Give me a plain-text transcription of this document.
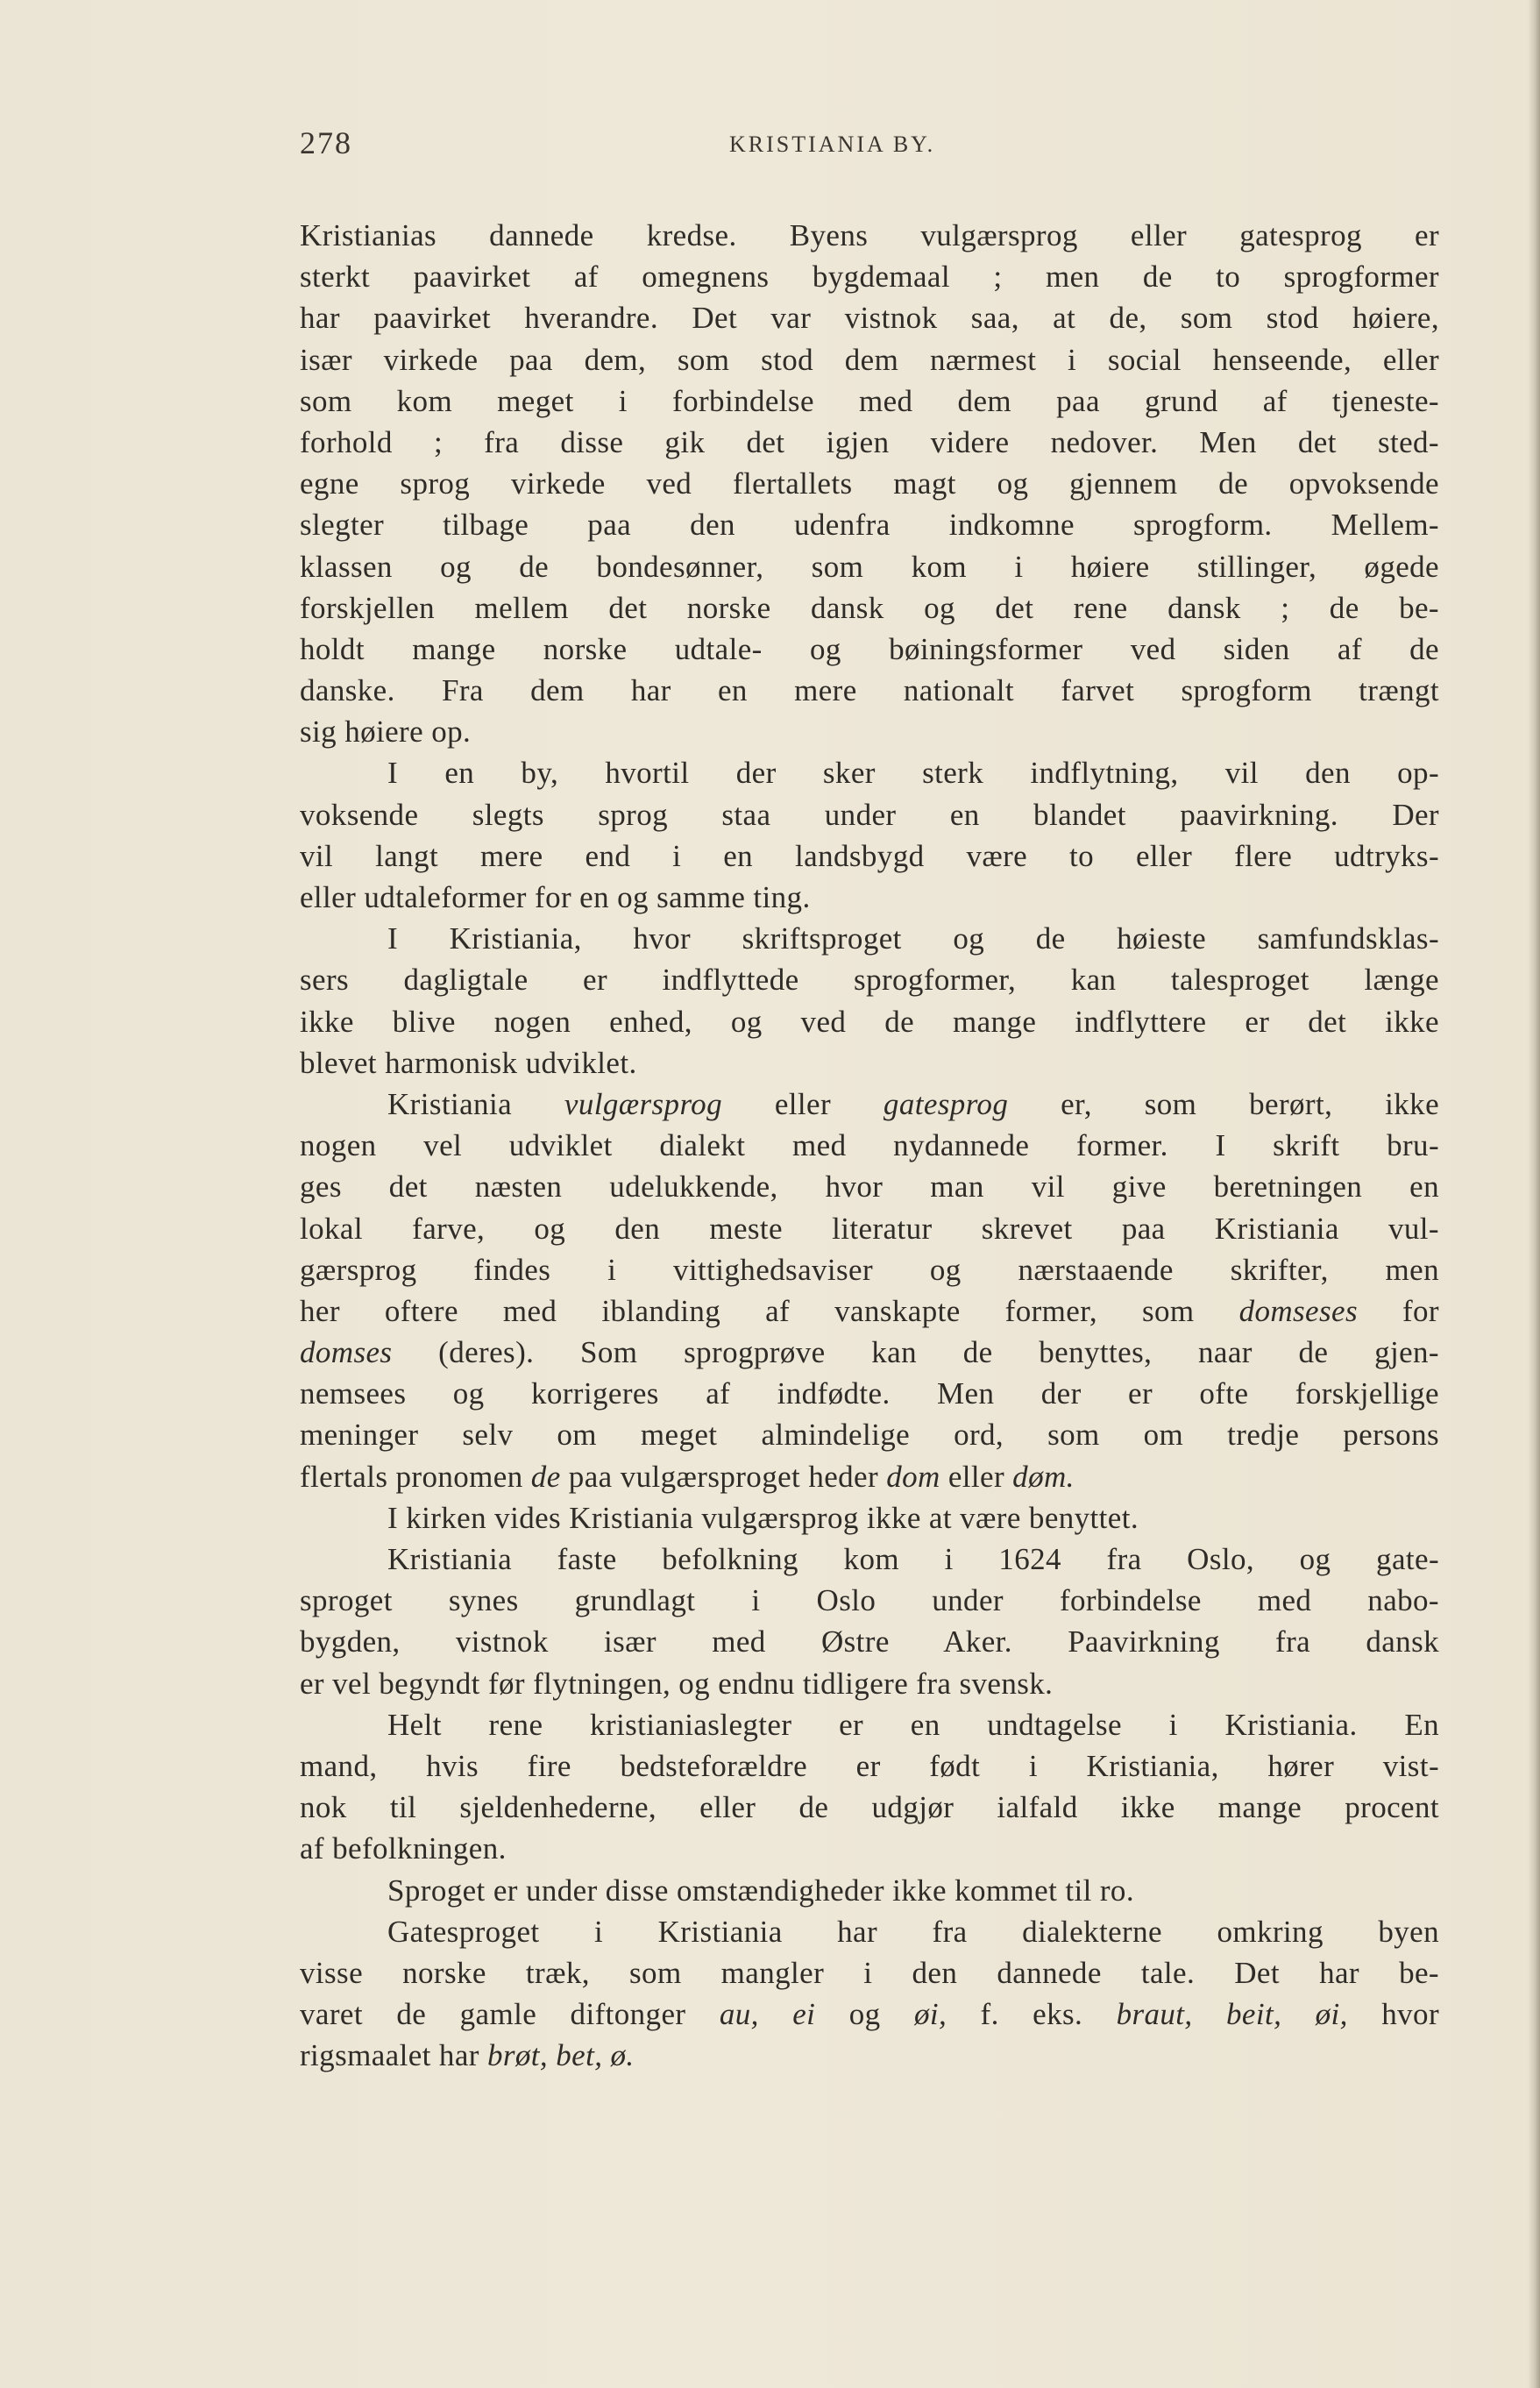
278	KRISTIANIA BY.
Kristianias dannede kredse. Byens vulgærsprog eller gatesprog er
sterkt paavirket af omegnens bygdemaal ; men de to sprogformer
har paavirket hverandre. Det var vistnok saa, at de, som stod høiere,
især virkede paa dem, som stod dem nærmest i social henseende, eller
som kom meget i forbindelse med dem paa grund af tjeneste-
forhold ; fra disse gik det igjen videre nedover. Men det sted-
egne sprog virkede ved flertallets magt og gjennem de opvoksende
slegter tilbage paa den udenfra indkomne sprogform. Mellem-
klassen og de bondesønner, som kom i høiere stillinger, øgede
forskjellen mellem det norske dansk og det rene dansk ; de be-
holdt mange norske udtale- og bøiningsformer ved siden af de
danske. Fra dem har en mere nationalt farvet sprogform trængt
sig høiere op.
I en by, hvortil der sker sterk indflytning, vil den op-
voksende slegts sprog staa under en blandet paavirkning. Der
vil langt mere end i en landsbygd være to eller flere udtryks-
eller udtaleformer for en og samme ting.
I Kristiania, hvor skriftsproget og de høieste samfundsklas-
sers dagligtale er indflyttede sprogformer, kan talesproget længe
ikke blive nogen enhed, og ved de mange indflyttere er det ikke
blevet harmonisk udviklet.
Kristiania vulgærsprog eller gatesprog er, som berørt, ikke
nogen vel udviklet dialekt med nydannede former. I skrift bru-
ges det næsten udelukkende, hvor man vil give beretningen en
lokal farve, og den meste literatur skrevet paa Kristiania vul-
gærsprog findes i vittighedsaviser og nærstaaende skrifter, men
her oftere med iblanding af vanskapte former, som domseses for
domses (deres). Som sprogprøve kan de benyttes, naar de gjen-
nemsees og korrigeres af indfødte. Men der er ofte forskjellige
meninger selv om meget almindelige ord, som om tredje persons
flertals pronomen de paa vulgærsproget heder dom eller døm.
I kirken vides Kristiania vulgærsprog ikke at være benyttet.
Kristiania faste befolkning kom i 1624 fra Oslo, og gate-
sproget synes grundlagt i Oslo under forbindelse med nabo-
bygden, vistnok især med Østre Aker. Paavirkning fra dansk
er vel begyndt før flytningen, og endnu tidligere fra svensk.
Helt rene kristianiaslegter er en undtagelse i Kristiania. En
mand, hvis fire bedsteforældre er født i Kristiania, hører vist-
nok til sjeldenhederne, eller de udgjør ialfald ikke mange procent
af befolkningen.
Sproget er under disse omstændigheder ikke kommet til ro.
Gatesproget i Kristiania har fra dialekterne omkring byen
visse norske træk, som mangler i den dannede tale. Det har be-
varet de gamle diftonger au, ei og øi, f. eks. braut, beit, øi, hvor
rigsmaalet har brøt, bet, ø.
